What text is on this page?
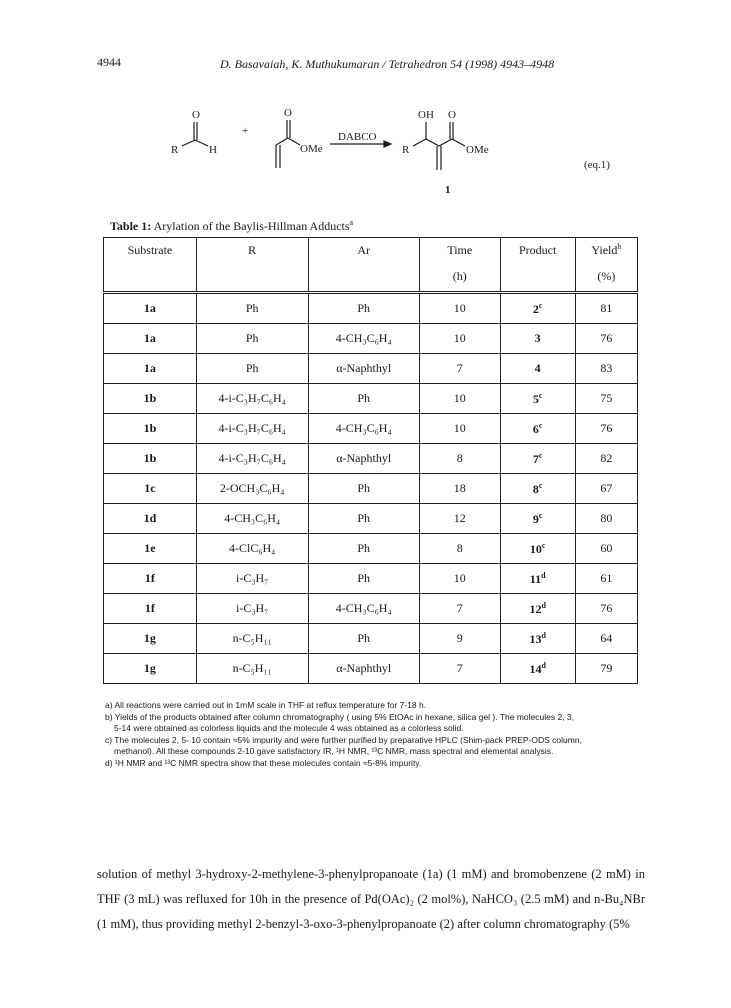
4944	D. Basavaiah, K. Muthukumaran / Tetrahedron 54 (1998) 4943–4948
O
R	H
+
O
OMe
DABCO
OH O
R	OMe
1
(eq.1)
Table 1: Arylation of the Baylis-Hillman Adducts$^a$
Substrate	R	Ar	Time	Product	Yield$^b$
			(h)		(%)
1a	Ph	Ph	10	2$^c$	81
1a	Ph	4-CH₃C₆H₄	10	3	76
1a	Ph	α-Naphthyl	7	4	83
1b	4-i-C₃H₇C₆H₄	Ph	10	5$^c$	75
1b	4-i-C₃H₇C₆H₄	4-CH₃C₆H₄	10	6$^c$	76
1b	4-i-C₃H₇C₆H₄	α-Naphthyl	8	7$^c$	82
1c	2-OCH₃C₆H₄	Ph	18	8$^c$	67
1d	4-CH₃C₆H₄	Ph	12	9$^c$	80
1e	4-ClC₆H₄	Ph	8	10$^c$	60
1f	i-C₃H₇	Ph	10	11$^d$	61
1f	i-C₃H₇	4-CH₃C₆H₄	7	12$^d$	76
1g	n-C₅H₁₁	Ph	9	13$^d$	64
1g	n-C₅H₁₁	α-Naphthyl	7	14$^d$	79
a) All reactions were carried out in 1mM scale in THF at reflux temperature for 7-18 h.
b) Yields of the products obtained after column chromatography ( using 5% EtOAc in hexane, silica gel ). The molecules 2, 3,
5-14 were obtained as colorless liquids and the molecule 4 was obtained as a colorless solid.
c) The molecules 2, 5- 10 contain ≈5% impurity and were further purified by preparative HPLC (Shim-pack PREP-ODS column,
methanol). All these compounds 2-10 gave satisfactory IR, ¹H NMR, ¹³C NMR, mass spectral and elemental analysis.
d) ¹H NMR and ¹³C NMR spectra show that these molecules contain ≈5-8% impurity.

solution of methyl 3-hydroxy-2-methylene-3-phenylpropanoate (1a) (1 mM) and bromobenzene (2 mM) in THF (3 mL) was refluxed for 10h in the presence of Pd(OAc)₂ (2 mol%), NaHCO₃ (2.5 mM) and n-Bu₄NBr (1 mM), thus providing methyl 2-benzyl-3-oxo-3-phenylpropanoate (2) after column chromatography (5%
